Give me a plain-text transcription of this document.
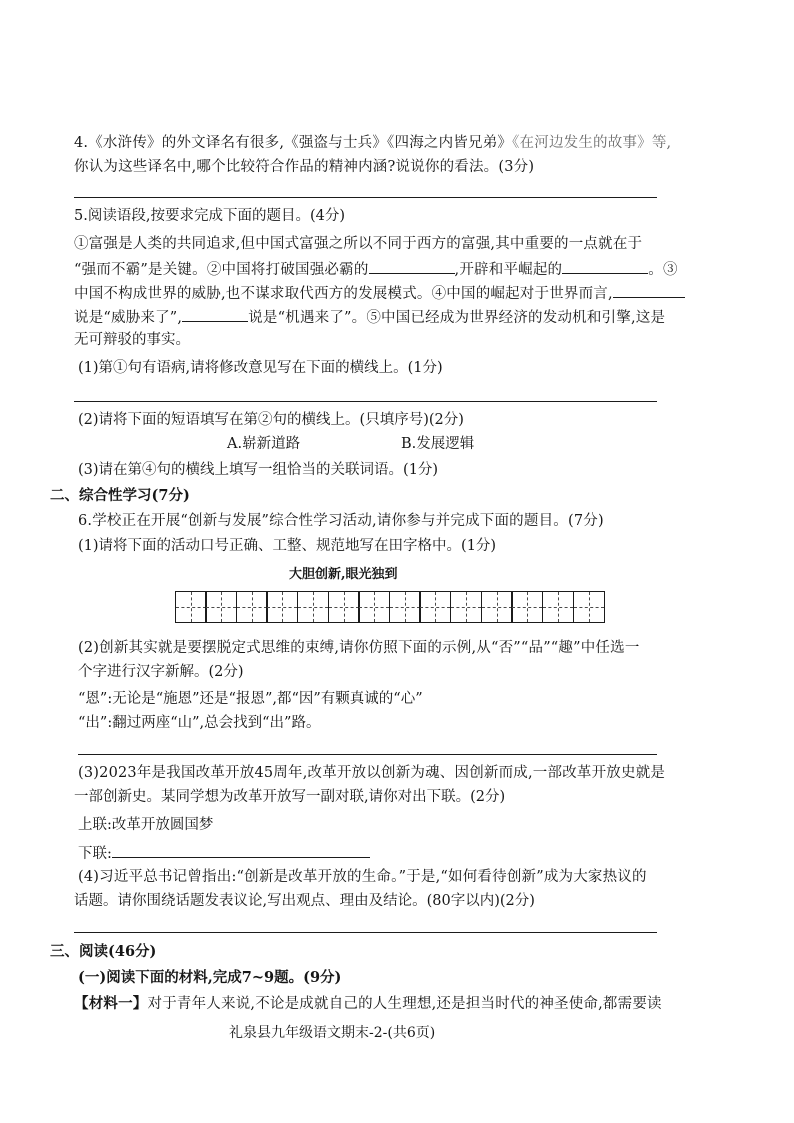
4.《水浒传》的外文译名有很多,《强盗与士兵》《四海之内皆兄弟》《在河边发生的故事》等,
你认为这些译名中,哪个比较符合作品的精神内涵?说说你的看法。(3分)
5.阅读语段,按要求完成下面的题目。(4分)
①富强是人类的共同追求,但中国式富强之所以不同于西方的富强,其中重要的一点就在于
“强而不霸”是关键。②中国将打破国强必霸的	,开辟和平崛起的	。③
中国不构成世界的威胁,也不谋求取代西方的发展模式。④中国的崛起对于世界而言,
说是“威胁来了”,	说是“机遇来了”。⑤中国已经成为世界经济的发动机和引擎,这是
无可辩驳的事实。
(1)第①句有语病,请将修改意见写在下面的横线上。(1分)
(2)请将下面的短语填写在第②句的横线上。(只填序号)(2分)
A.崭新道路	B.发展逻辑
(3)请在第④句的横线上填写一组恰当的关联词语。(1分)
二、综合性学习(7分)
6.学校正在开展“创新与发展”综合性学习活动,请你参与并完成下面的题目。(7分)
(1)请将下面的活动口号正确、工整、规范地写在田字格中。(1分)
大胆创新,眼光独到
(2)创新其实就是要摆脱定式思维的束缚,请你仿照下面的示例,从“否”“品”“趣”中任选一
个字进行汉字新解。(2分)
“恩”:无论是“施恩”还是“报恩”,都“因”有颗真诚的“心”
“出”:翻过两座“山”,总会找到“出”路。
(3)2023年是我国改革开放45周年,改革开放以创新为魂、因创新而成,一部改革开放史就是
一部创新史。某同学想为改革开放写一副对联,请你对出下联。(2分)
上联:改革开放圆国梦
下联:
(4)习近平总书记曾指出:“创新是改革开放的生命。”于是,“如何看待创新”成为大家热议的
话题。请你围绕话题发表议论,写出观点、理由及结论。(80字以内)(2分)
三、阅读(46分)
(一)阅读下面的材料,完成7~9题。(9分)
【材料一】对于青年人来说,不论是成就自己的人生理想,还是担当时代的神圣使命,都需要读
礼泉县九年级语文期末-2-(共6页)
